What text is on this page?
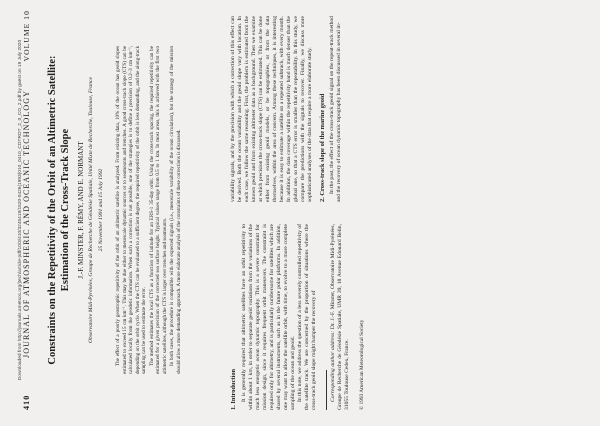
Downloaded from http://journals.ametsoc.org/jtech/article-pdf/10/3/410/3245419/1520-0426(1993)010_0410_COTROT_2_0_CO_2.pdf by guest on 19 July 2020
410
JOURNAL OF ATMOSPHERIC AND OCEANIC TECHNOLOGY
VOLUME 10
Constraints on the Repetitivity of the Orbit of an Altimetric Satellite: Estimation of the Cross-Track Slope J.-F. MINSTER, F. RÉMY, AND E. NORMANT Observatoire Midi-Pyrénées, Groupe de Recherche de Géodésie Spatiale, Unité Mixte de Recherche, Toulouse, France 25 November 1991 and 15 July 1992 The effect of a poorly geostrophic repetitivity of the orbit of an altimetric satellite is analyzed. From existing data, 10% of the ocean has geoid slopes estimated to exceed 15 cm km⁻¹. This may be due either to mesoscale dynamic sources or to seamounts and trenches. A good cross-track slope (CTS) can be calculated locally from the geodetic information. When such a correction is not possible, one of the strategies is to define a precision of 0.2–3 cm km⁻¹, depending on the orbit cycle. When the CTS can be evaluated to a sufficient degree, the required repetitivity of the orbit is less demanding, and the along-track sampling can be used to estimate the error. The method estimates the local CTS as a function of latitude for an ERS-1 35-day orbit. Using the cross-track spacing, the required repetitivity can be estimated for a given precision of the corrected sea surface height. Typical values range from 0.5 to 1 km. In most areas, this is achieved with the first two altimetric satellites, although the CTS is larger over trenches and seamounts. In both cases, the procedure is compatible with the expected signals (i.e., mesoscale variability of the ocean circulation), but the strategy of the mission should allow a more demanding approach. A more elaborate analysis of the constraints of these corrections is discussed.

1. Introduction It is generally required that altimetric satellites have an orbit repetitivity to within about 1 km, in order to separate geoid variations from the variations of the much less energetic ocean dynamic topography. This is a severe constraint for mission design, since it requires frequent orbit maneuvers. The constraint is required only for altimetry, and is particularly cumbersome for satellites which are shared by several instruments, such as in the future polar platforms. In addition, one may want to allow the satellite orbit, with time, to evolve to a more complete sampling of the ocean and geoid. In this note, we address the question of a less severely controlled repetitivity of the satellite track. We are concerned by the proportion of situations where the cross-track geoid slope might hamper the recovery of Corresponding author address: Dr. J.-F. Minster, Observatoire Midi-Pyrénées, Groupe de Recherche de Géodésie Spatiale, UMR 39, 18 Avenue Edouard Belin, 31055 Toulouse Cedex, France. © 1993 American Meteorological Society

variability signals, and by the precision with which a correction of this effect can be derived. Both the ocean variability and the geoid slope vary with location. In each case, we follow the same reasoning. First, the problem is estimated from the known geoid and from existing altimeter data as a background. Then we examine at which precision the cross-track slope (CTS) can be estimated. This can be done either from existing geoid models, or be topographies, or from the data themselves, within the area of concern. Among these techniques, it is interesting because it is easy to estimate a satellite on a repeated subtrack, with every month. In addition, the data coverage within the repetitivity band is much denser than the global one, so that a CTS error is smaller than the repeatability. In this study, we compare the predictions with the signals to recover. Finally, we discuss more sophisticated analyses of the data that require a more elaborate study. 2. Cross-track slope of the marine geoid In the past, the effect of the cross-track geoid signal on the repeat-track method and the recovery of ocean dynamic topography has been discussed in several in-
